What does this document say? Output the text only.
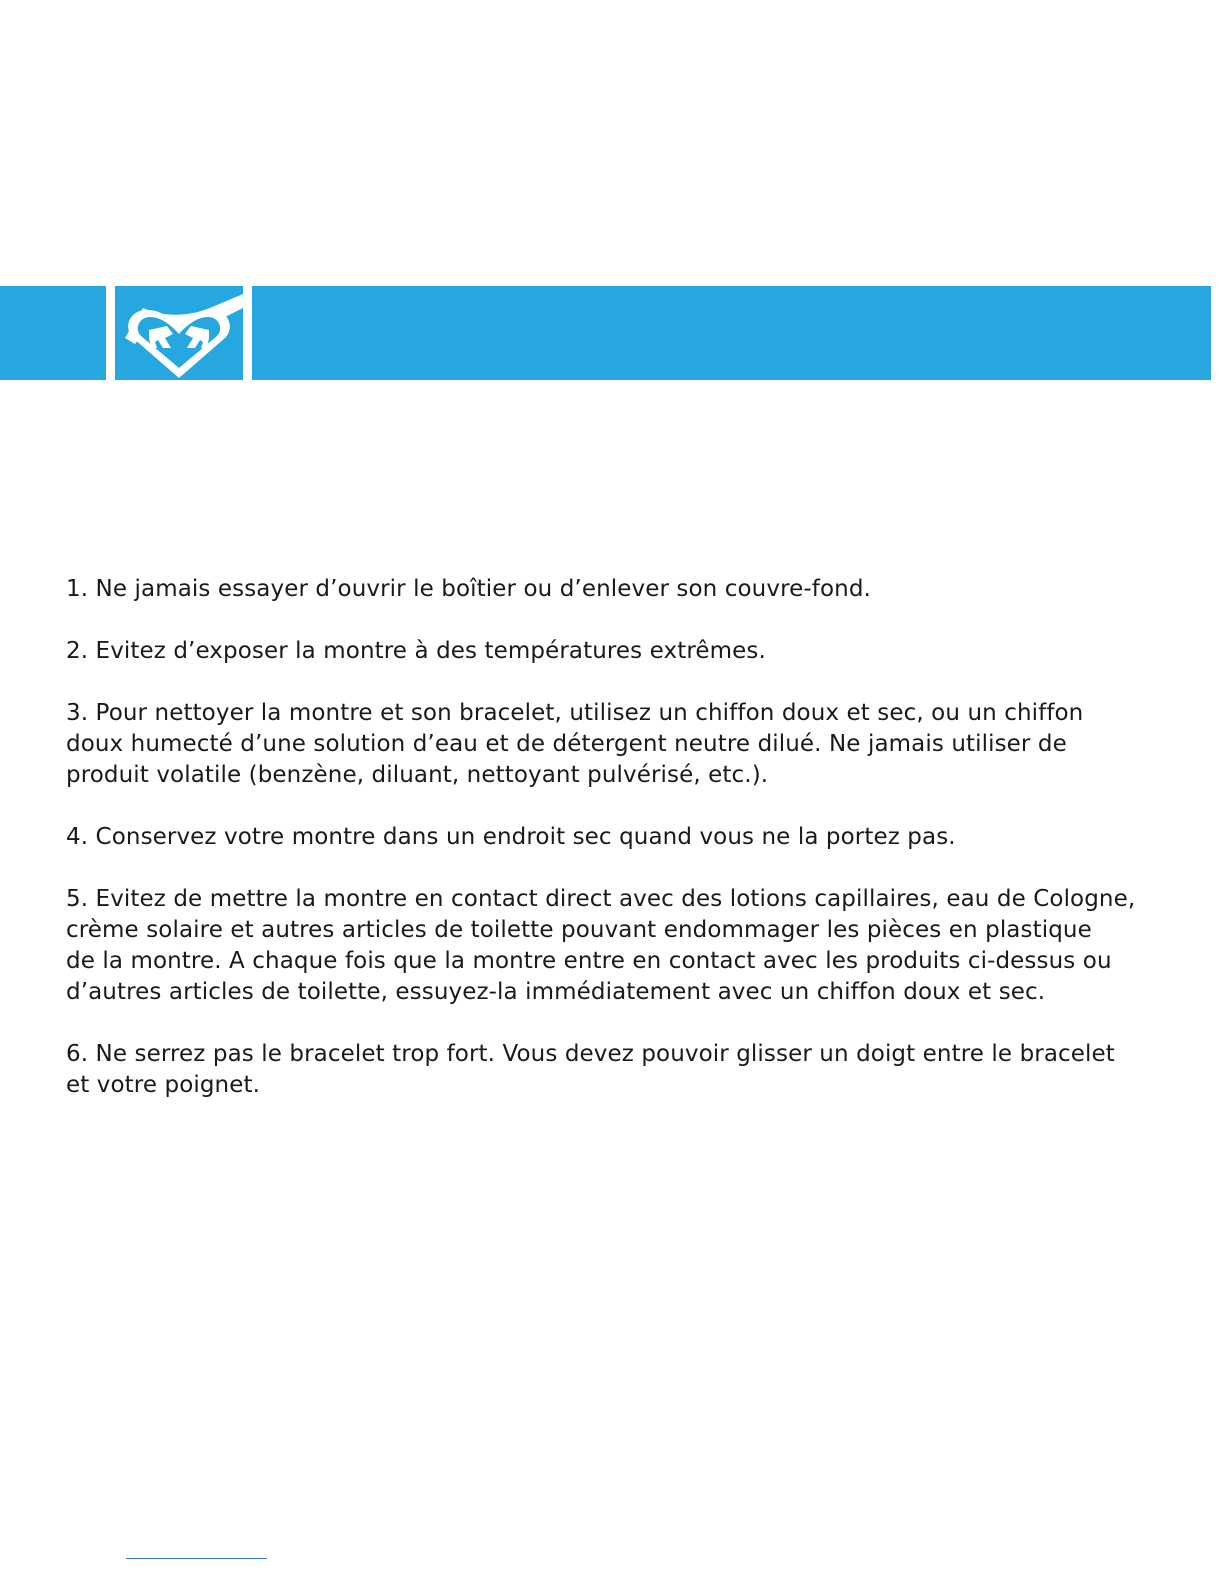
1. Ne jamais essayer d’ouvrir le boîtier ou d’enlever son couvre-fond.
2. Evitez d’exposer la montre à des températures extrêmes.
3. Pour nettoyer la montre et son bracelet, utilisez un chiffon doux et sec, ou un chiffon
doux humecté d’une solution d’eau et de détergent neutre dilué. Ne jamais utiliser de
produit volatile (benzène, diluant, nettoyant pulvérisé, etc.).
4. Conservez votre montre dans un endroit sec quand vous ne la portez pas.
5. Evitez de mettre la montre en contact direct avec des lotions capillaires, eau de Cologne,
crème solaire et autres articles de toilette pouvant endommager les pièces en plastique
de la montre. A chaque fois que la montre entre en contact avec les produits ci-dessus ou
d’autres articles de toilette, essuyez-la immédiatement avec un chiffon doux et sec.
6. Ne serrez pas le bracelet trop fort. Vous devez pouvoir glisser un doigt entre le bracelet
et votre poignet.
